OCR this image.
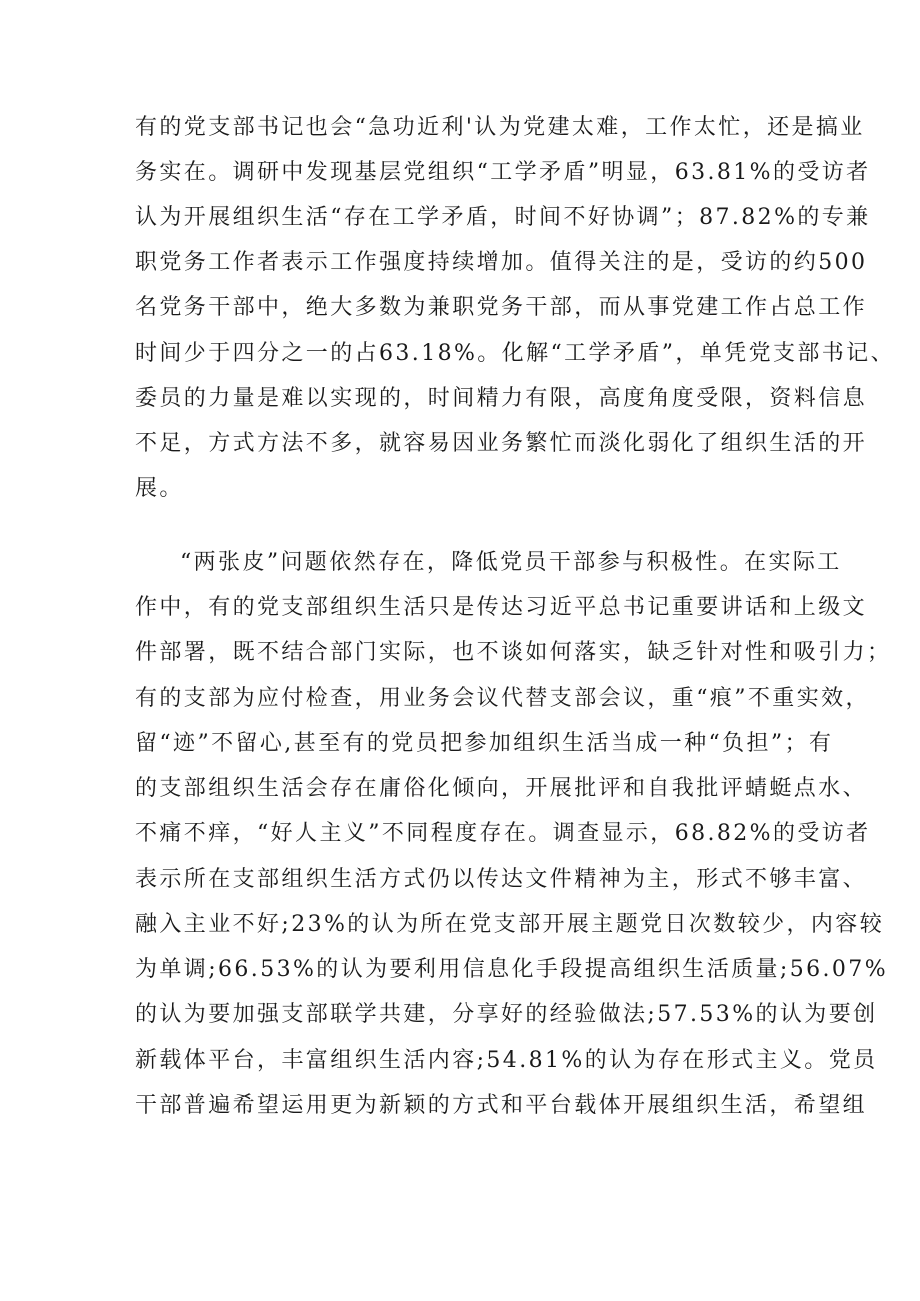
有的党支部书记也会“急功近利'认为党建太难，工作太忙，还是搞业

务实在。调研中发现基层党组织“工学矛盾”明显，63.81%的受访者

认为开展组织生活“存在工学矛盾，时间不好协调”；87.82%的专兼

职党务工作者表示工作强度持续增加。值得关注的是，受访的约500

名党务干部中，绝大多数为兼职党务干部，而从事党建工作占总工作

时间少于四分之一的占63.18%。化解“工学矛盾”，单凭党支部书记、

委员的力量是难以实现的，时间精力有限，高度角度受限，资料信息

不足，方式方法不多，就容易因业务繁忙而淡化弱化了组织生活的开

展。

“两张皮”问题依然存在，降低党员干部参与积极性。在实际工

作中，有的党支部组织生活只是传达习近平总书记重要讲话和上级文

件部署，既不结合部门实际，也不谈如何落实，缺乏针对性和吸引力；

有的支部为应付检查，用业务会议代替支部会议，重“痕”不重实效，

留“迹”不留心,甚至有的党员把参加组织生活当成一种“负担”；有

的支部组织生活会存在庸俗化倾向，开展批评和自我批评蜻蜓点水、

不痛不痒，“好人主义”不同程度存在。调查显示，68.82%的受访者

表示所在支部组织生活方式仍以传达文件精神为主，形式不够丰富、

融入主业不好;23%的认为所在党支部开展主题党日次数较少，内容较

为单调;66.53%的认为要利用信息化手段提高组织生活质量;56.07%

的认为要加强支部联学共建，分享好的经验做法;57.53%的认为要创

新载体平台，丰富组织生活内容;54.81%的认为存在形式主义。党员

干部普遍希望运用更为新颖的方式和平台载体开展组织生活，希望组
